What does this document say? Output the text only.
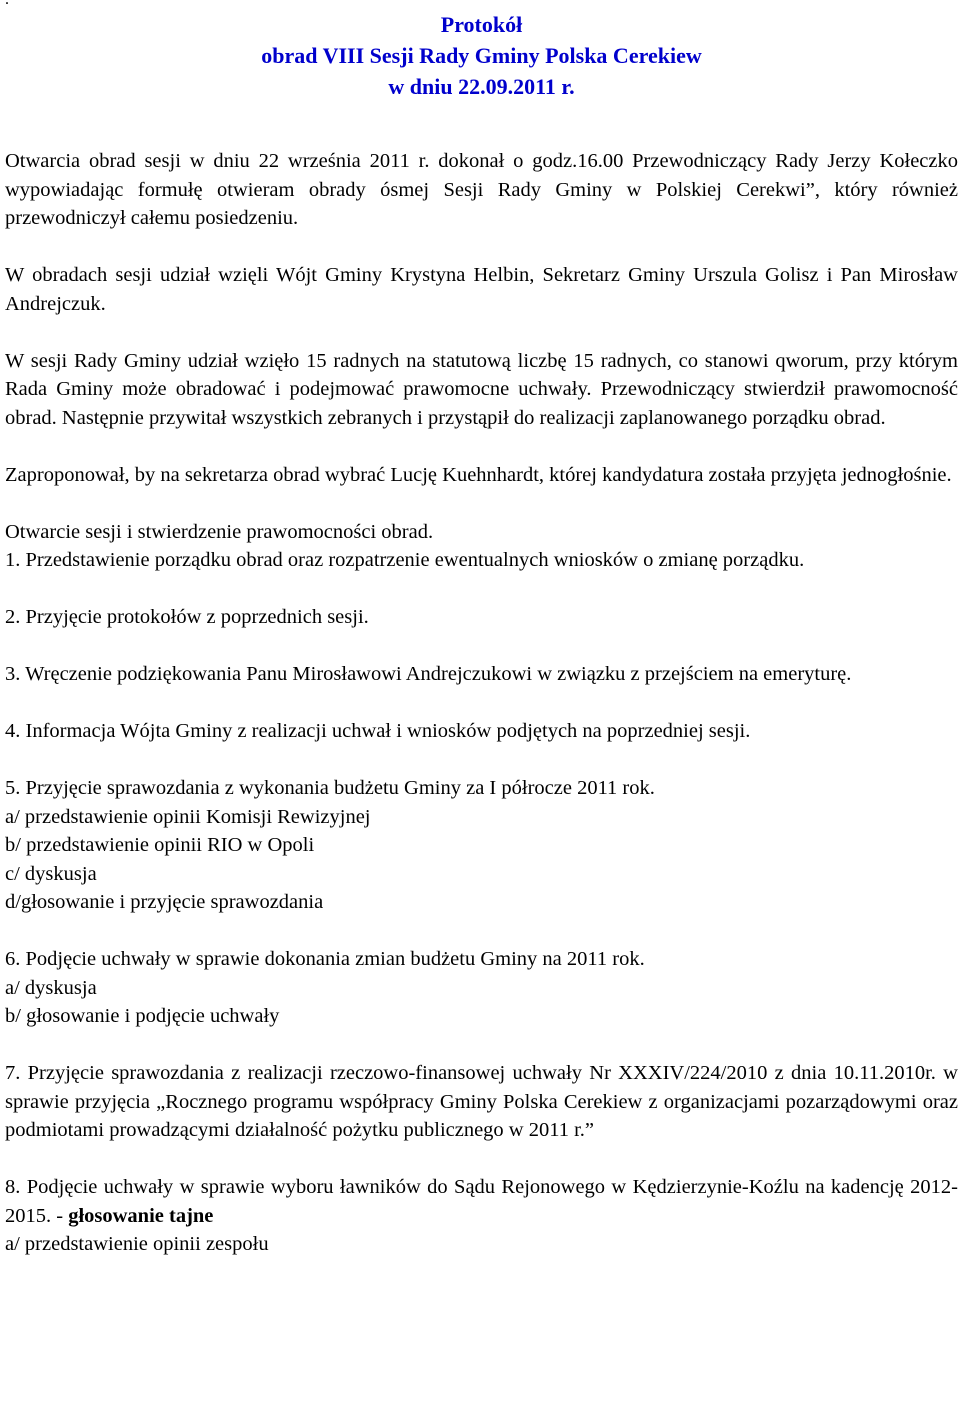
Protokół
obrad VIII Sesji Rady Gminy Polska Cerekiew
w dniu 22.09.2011 r.

Otwarcia obrad sesji w dniu 22 września 2011 r. dokonał o godz.16.00 Przewodniczący Rady Jerzy Kołeczko wypowiadając formułę otwieram obrady ósmej Sesji Rady Gminy w Polskiej Cerekwi”, który również przewodniczył całemu posiedzeniu.

W obradach sesji udział wzięli Wójt Gminy Krystyna Helbin, Sekretarz Gminy Urszula Golisz i Pan Mirosław Andrejczuk.

W sesji Rady Gminy udział wzięło 15 radnych na statutową liczbę 15 radnych, co stanowi qworum, przy którym Rada Gminy może obradować i podejmować prawomocne uchwały. Przewodniczący stwierdził prawomocność obrad. Następnie przywitał wszystkich zebranych i przystąpił do realizacji zaplanowanego porządku obrad.

Zaproponował, by na sekretarza obrad wybrać Lucję Kuehnhardt, której kandydatura została przyjęta jednogłośnie.

Otwarcie sesji i stwierdzenie prawomocności obrad.

1. Przedstawienie porządku obrad oraz rozpatrzenie ewentualnych wniosków o zmianę porządku.

2. Przyjęcie protokołów z poprzednich sesji.

3. Wręczenie podziękowania Panu Mirosławowi Andrejczukowi w związku z przejściem na emeryturę.

4. Informacja Wójta Gminy z realizacji uchwał i wniosków podjętych na poprzedniej sesji.

5. Przyjęcie sprawozdania z wykonania budżetu Gminy za I półrocze 2011 rok.
a/ przedstawienie opinii Komisji Rewizyjnej
b/ przedstawienie opinii RIO w Opoli
c/ dyskusja
d/głosowanie i przyjęcie sprawozdania

6. Podjęcie uchwały w sprawie dokonania zmian budżetu Gminy na 2011 rok.
a/ dyskusja
b/ głosowanie i podjęcie uchwały

7. Przyjęcie sprawozdania z realizacji rzeczowo-finansowej uchwały Nr XXXIV/224/2010 z dnia 10.11.2010r. w sprawie przyjęcia „Rocznego programu współpracy Gminy Polska Cerekiew z organizacjami pozarządowymi oraz podmiotami prowadzącymi działalność pożytku publicznego w 2011 r.”

8. Podjęcie uchwały w sprawie wyboru ławników do Sądu Rejonowego w Kędzierzynie-Koźlu na kadencję 2012-2015. - głosowanie tajne
a/ przedstawienie opinii zespołu
